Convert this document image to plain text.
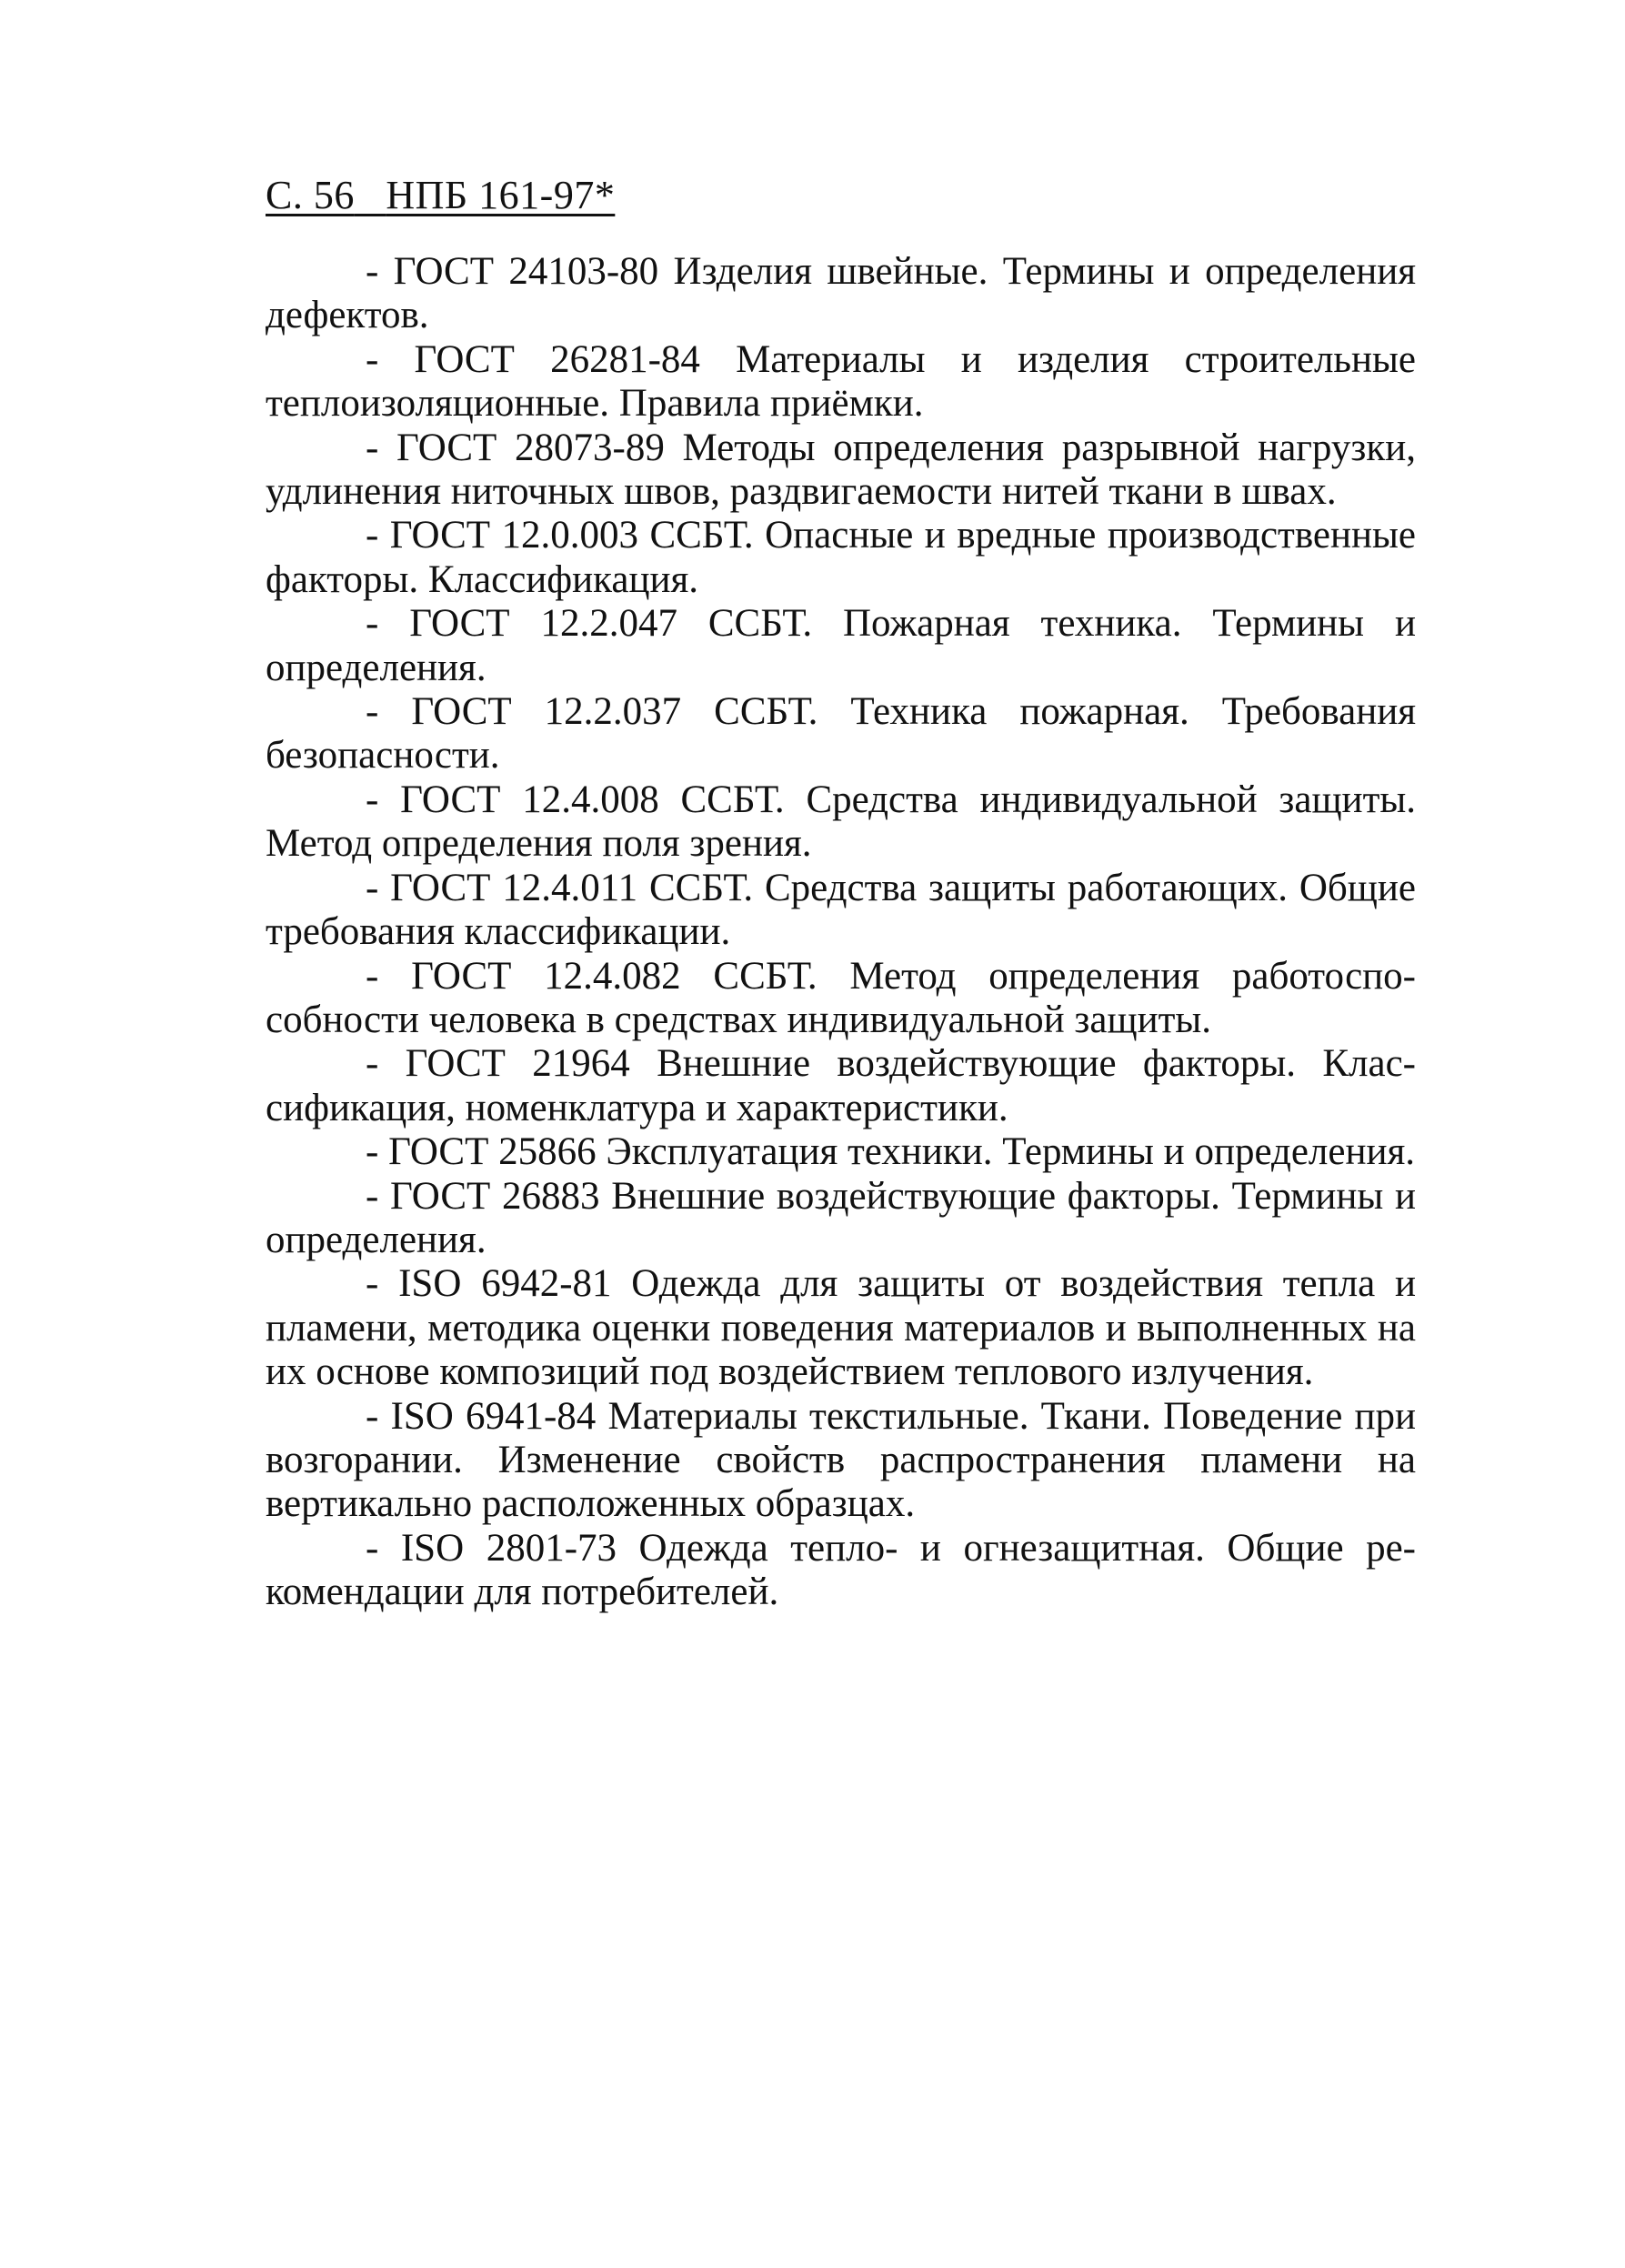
С. 56 НПБ 161-97*
- ГОСТ 24103-80 Изделия швейные. Термины и определения дефектов.
- ГОСТ 26281-84 Материалы и изделия строительные теплоизоляционные. Правила приёмки.
- ГОСТ 28073-89 Методы определения разрывной нагрузки, удлинения ниточных швов, раздвигаемости нитей ткани в швах.
- ГОСТ 12.0.003 ССБТ. Опасные и вредные производственные факторы. Классификация.
- ГОСТ 12.2.047 ССБТ. Пожарная техника. Термины и определения.
- ГОСТ 12.2.037 ССБТ. Техника пожарная. Требования безопасности.
- ГОСТ 12.4.008 ССБТ. Средства индивидуальной защиты. Метод определения поля зрения.
- ГОСТ 12.4.011 ССБТ. Средства защиты работающих. Общие требования классификации.
- ГОСТ 12.4.082 ССБТ. Метод определения работоспособности человека в средствах индивидуальной защиты.
- ГОСТ 21964 Внешние воздействующие факторы. Классификация, номенклатура и характеристики.
- ГОСТ 25866 Эксплуатация техники. Термины и определения.
- ГОСТ 26883 Внешние воздействующие факторы. Термины и определения.
- ISO 6942-81 Одежда для защиты от воздействия тепла и пламени, методика оценки поведения материалов и выполненных на их основе композиций под воздействием теплового излучения.
- ISO 6941-84 Материалы текстильные. Ткани. Поведение при возгорании. Изменение свойств распространения пламени на вертикально расположенных образцах.
- ISO 2801-73 Одежда тепло- и огнезащитная. Общие рекомендации для потребителей.
